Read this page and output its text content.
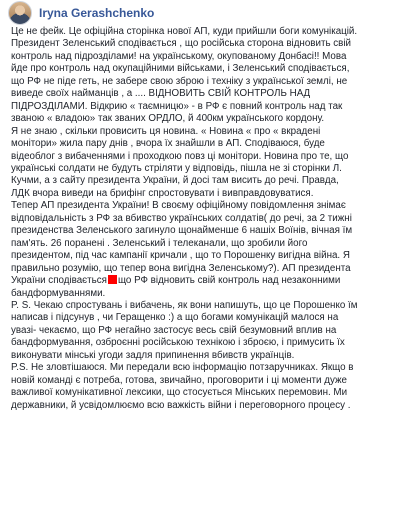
Iryna Gerashchenko

Це не фейк. Це офіційна сторінка нової АП, куди прийшли боги комунікацій.
Президент Зеленський сподівається , що російська сторона відновить свій
контроль над підрозділами! на українському, окупованому Донбасі!! Мова
йде про контроль над окупаційними військами, і Зеленський сподівається,
що РФ не піде геть, не забере свою зброю і техніку з української землі, не
виведе своїх найманців , а .... ВІДНОВИТЬ СВІЙ КОНТРОЛЬ НАД
ПІДРОЗДІЛАМИ. Відкрию « таємницю» - в РФ є повний контроль над так
званою « владою» так званих ОРДЛО, й 400км українського кордону.

Я не знаю , скільки провисить ця новина. « Новина « про « вкрадені
монітори» жила пару днів , вчора їх знайшли в АП. Сподіваюся, буде
відеоблог з вибаченнями і проходкою повз ці монітори. Новина про те, що
українські солдати не будуть стріляти у відповідь, пішла не зі сторінки Л.
Кучми, а з сайту президента України, й досі там висить до речі. Правда,
ЛДК вчора виведи на брифінг спростовувати і вивправдовуватися.

Тепер АП президента України! В своєму офіційному повідомлення знімає
відповідальність з РФ за вбивство українських солдатів( до речі, за 2 тижні
президенства Зеленського загинуло щонайменше 6 нашіх Воїнів, вічная їм
пам'ять. 26 поранені . Зеленський і телеканали, що зробили його
президентом, під час кампанії кричали , що то Порошенку вигідна війна. Я
правильно розумію, що тепер вона вигідна Зеленському?). АП президента
України сподівається що РФ відновить свій контроль над незаконними
бандформуваннями.

P. S. Чекаю спростувань і вибачень, як вони напишуть, що це Порошенко їм
написав і підсунув , чи Геращенко :) а що богами комунікацій малося на
увазі- чекаємо, що РФ негайно застосує весь свій безумовний вплив на
бандформування, озброєнні російською технікою і зброєю, і примусить їх
виконувати мінські угоди задля припинення вбивств українців.

P.S. Не зловтішаюся. Ми передали всю інформацію потзаручниках. Якщо в
новій команді є потреба, готова, звичайно, проговорити і ці моменти дуже
важливої комунікативної лексики, що стосується Мінських перемовин. Ми
державники, й усвідомлюємо всю важкість війни і переговорного процесу .
